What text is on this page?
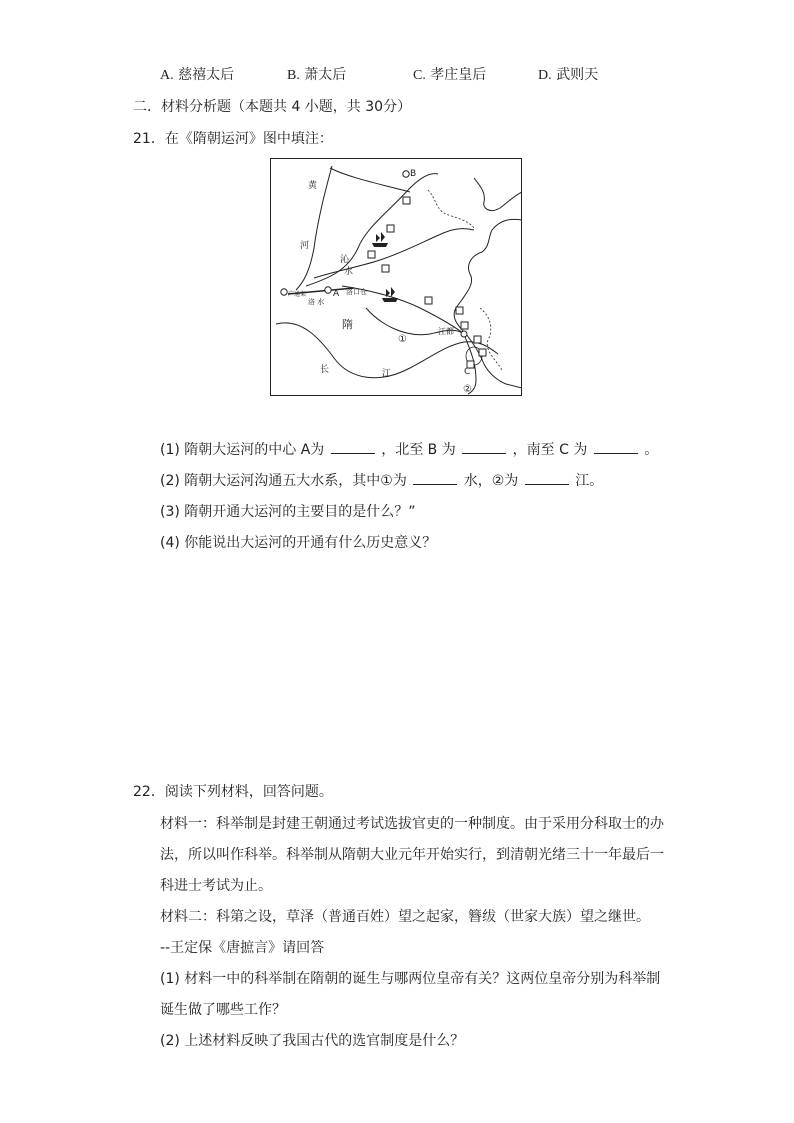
A. 慈禧太后	B. 萧太后	C. 孝庄皇后	D. 武则天
二．材料分析题（本题共 4 小题，共 30分）
21．在《隋朝运河》图中填注：
B
A
C
隋
①
②
黄
河
沁
水
洛 水
洛口仓
广通渠
江都
长	江
(1) 隋朝大运河的中心 A为	，北至 B 为	，南至 C 为	。
(2) 隋朝大运河沟通五大水系，其中①为	水，②为	江。
(3) 隋朝开通大运河的主要目的是什么？”
(4) 你能说出大运河的开通有什么历史意义？
22．阅读下列材料，回答问题。
材料一：科举制是封建王朝通过考试选拔官吏的一种制度。由于采用分科取士的办
法，所以叫作科举。科举制从隋朝大业元年开始实行，到清朝光绪三十一年最后一
科进士考试为止。
材料二：科第之设，草泽（普通百姓）望之起家，簪绂（世家大族）望之继世。
--王定保《唐摭言》请回答
(1) 材料一中的科举制在隋朝的诞生与哪两位皇帝有关？这两位皇帝分别为科举制
诞生做了哪些工作？
(2) 上述材料反映了我国古代的选官制度是什么？
